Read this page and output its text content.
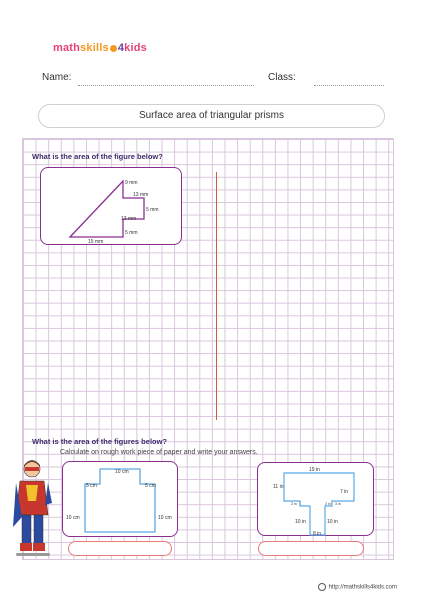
mathskills 4kids
Name:	Class:
Surface area of triangular prisms
What is the area of the figure below?
9 mm
13 mm
5 mm
13 mm
5 mm
15 mm
What is the area of the figures below?
Calculate on rough work piece of paper and write your answers.
10 cm
5 cm	5 cm
10 cm	10 cm
19 in
11 in
7 in
3 in
2 in	2 in
10 in	10 in
8 in
http://mathskills4kids.com
